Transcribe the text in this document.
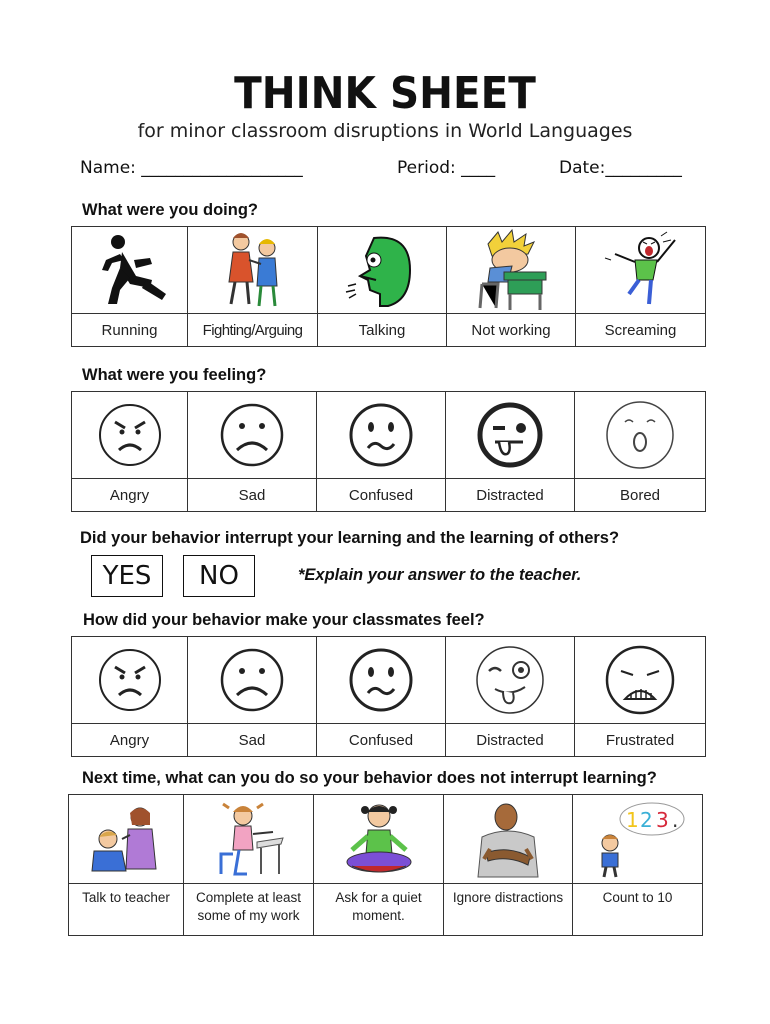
THINK SHEET
for minor classroom disruptions in World Languages
Name: ___________________	Period: ____	Date:_________
What were you doing?

Running	Fighting/Arguing	Talking	Not working	Screaming
What were you feeling?

Angry	Sad	Confused	Distracted	Bored
Did your behavior interrupt your learning and the learning of others?
YES	NO	*Explain your answer to the teacher.
How did your behavior make your classmates feel?

Angry	Sad	Confused	Distracted	Frustrated
Next time, what can you do so your behavior does not interrupt learning?

1 2 3 .

Talk to teacher	Complete at least some of my work	Ask for a quiet moment.	Ignore distractions	Count to 10
